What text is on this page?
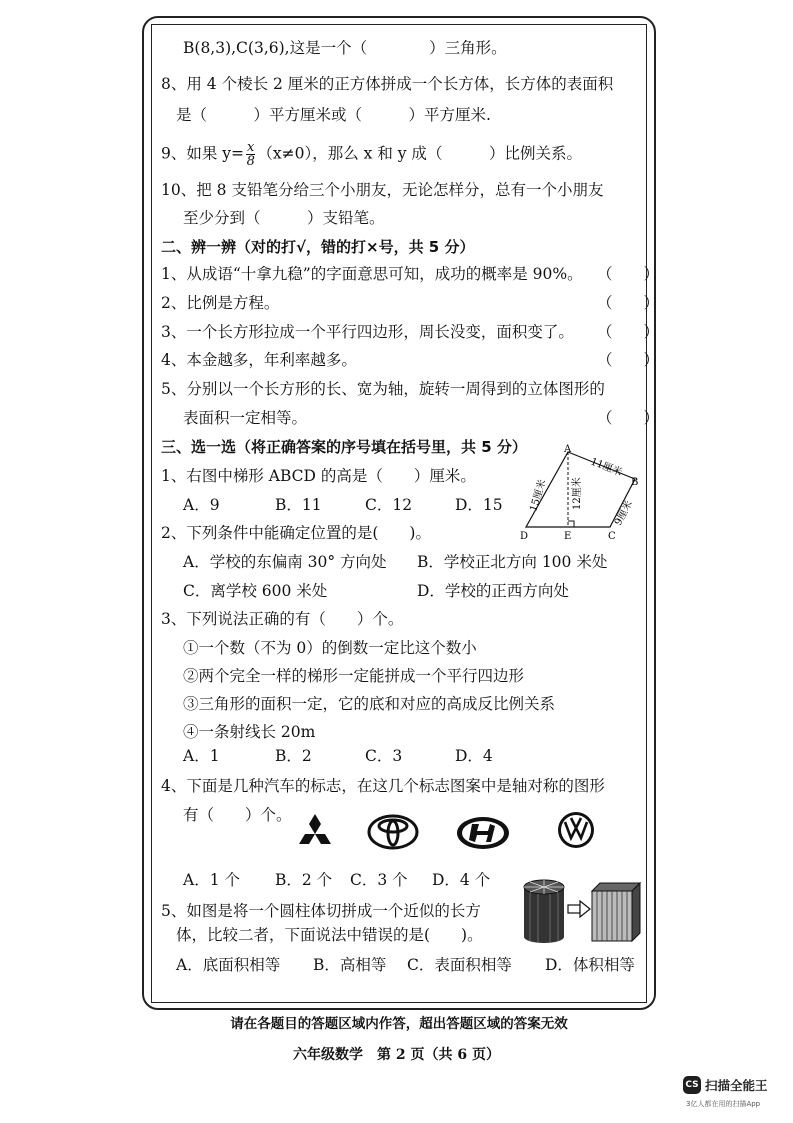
B(8,3),C(3,6),这是一个（　　　　）三角形。
8、用 4 个棱长 2 厘米的正方体拼成一个长方体，长方体的表面积
是（　　　）平方厘米或（　　　）平方厘米.
9、如果 $y= \frac{x}{8} (x\ne 0)$，那么 x 和 y 成（　　　）比例关系。
10、把 8 支铅笔分给三个小朋友，无论怎样分，总有一个小朋友
至少分到（　　　）支铅笔。
二、辨一辨（对的打√，错的打×号，共 5 分）
1、从成语“十拿九稳”的字面意思可知，成功的概率是 90%。 （　　）
2、比例是方程。	（　　）
3、一个长方形拉成一个平行四边形，周长没变，面积变了。 （　　）
4、本金越多，年利率越多。	（　　）
5、分别以一个长方形的长、宽为轴，旋转一周得到的立体图形的
表面积一定相等。	（　　）
三、选一选（将正确答案的序号填在括号里，共 5 分）
1、右图中梯形 ABCD 的高是（　　）厘米。
A．9	B．11	C．12	D．15
A
B
C
D	E
11厘米
15厘米 12厘米
9厘米
2、下列条件中能确定位置的是(　　)。
A．学校的东偏南 30° 方向处 B．学校正北方向 100 米处
C．离学校 600 米处	D．学校的正西方向处
3、下列说法正确的有（　　）个。
①一个数（不为 0）的倒数一定比这个数小
②两个完全一样的梯形一定能拼成一个平行四边形
③三角形的面积一定，它的底和对应的高成反比例关系
④一条射线长 20m
A．1	B．2	C．3	D．4
4、下面是几种汽车的标志，在这几个标志图案中是轴对称的图形
有（　　）个。
A．1 个 B．2 个 C．3 个 D．4 个
5、如图是将一个圆柱体切拼成一个近似的长方
体，比较二者，下面说法中错误的是(　　)。
A．底面积相等 B．高相等 C．表面积相等 D．体积相等
请在各题目的答题区域内作答，超出答题区域的答案无效
六年级数学　第 2 页（共 6 页）
CS 扫描全能王
3亿人都在用的扫描App
